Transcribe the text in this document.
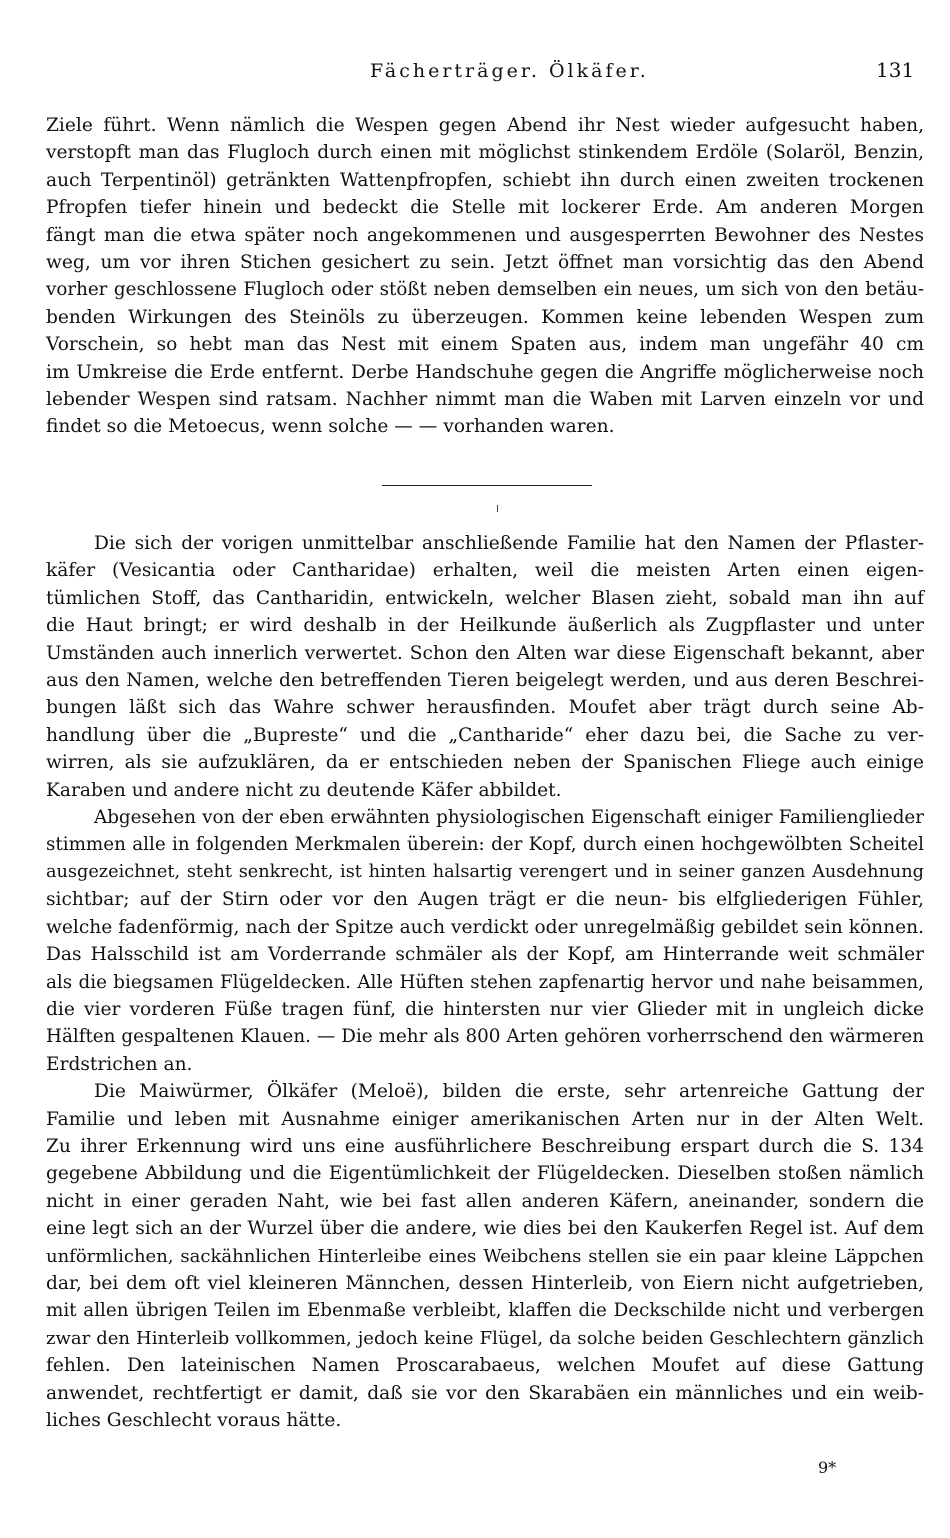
Fächerträger. Ölkäfer.	131
Ziele führt. Wenn nämlich die Wespen gegen Abend ihr Nest wieder aufgesucht haben,
verstopft man das Flugloch durch einen mit möglichst stinkendem Erdöle (Solaröl, Benzin,
auch Terpentinöl) getränkten Wattenpfropfen, schiebt ihn durch einen zweiten trockenen
Pfropfen tiefer hinein und bedeckt die Stelle mit lockerer Erde. Am anderen Morgen
fängt man die etwa später noch angekommenen und ausgesperrten Bewohner des Nestes
weg, um vor ihren Stichen gesichert zu sein. Jetzt öffnet man vorsichtig das den Abend
vorher geschlossene Flugloch oder stößt neben demselben ein neues, um sich von den betäu-
benden Wirkungen des Steinöls zu überzeugen. Kommen keine lebenden Wespen zum
Vorschein, so hebt man das Nest mit einem Spaten aus, indem man ungefähr 40 cm
im Umkreise die Erde entfernt. Derbe Handschuhe gegen die Angriffe möglicherweise noch
lebender Wespen sind ratsam. Nachher nimmt man die Waben mit Larven einzeln vor und
findet so die Metoecus, wenn solche — — vorhanden waren.
Die sich der vorigen unmittelbar anschließende Familie hat den Namen der Pflaster-
käfer (Vesicantia oder Cantharidae) erhalten, weil die meisten Arten einen eigen-
tümlichen Stoff, das Cantharidin, entwickeln, welcher Blasen zieht, sobald man ihn auf
die Haut bringt; er wird deshalb in der Heilkunde äußerlich als Zugpflaster und unter
Umständen auch innerlich verwertet. Schon den Alten war diese Eigenschaft bekannt, aber
aus den Namen, welche den betreffenden Tieren beigelegt werden, und aus deren Beschrei-
bungen läßt sich das Wahre schwer herausfinden. Moufet aber trägt durch seine Ab-
handlung über die „Bupreste“ und die „Cantharide“ eher dazu bei, die Sache zu ver-
wirren, als sie aufzuklären, da er entschieden neben der Spanischen Fliege auch einige
Karaben und andere nicht zu deutende Käfer abbildet.
Abgesehen von der eben erwähnten physiologischen Eigenschaft einiger Familienglieder
stimmen alle in folgenden Merkmalen überein: der Kopf, durch einen hochgewölbten Scheitel
ausgezeichnet, steht senkrecht, ist hinten halsartig verengert und in seiner ganzen Ausdehnung
sichtbar; auf der Stirn oder vor den Augen trägt er die neun- bis elfgliederigen Fühler,
welche fadenförmig, nach der Spitze auch verdickt oder unregelmäßig gebildet sein können.
Das Halsschild ist am Vorderrande schmäler als der Kopf, am Hinterrande weit schmäler
als die biegsamen Flügeldecken. Alle Hüften stehen zapfenartig hervor und nahe beisammen,
die vier vorderen Füße tragen fünf, die hintersten nur vier Glieder mit in ungleich dicke
Hälften gespaltenen Klauen. — Die mehr als 800 Arten gehören vorherrschend den wärmeren
Erdstrichen an.
Die Maiwürmer, Ölkäfer (Meloë), bilden die erste, sehr artenreiche Gattung der
Familie und leben mit Ausnahme einiger amerikanischen Arten nur in der Alten Welt.
Zu ihrer Erkennung wird uns eine ausführlichere Beschreibung erspart durch die S. 134
gegebene Abbildung und die Eigentümlichkeit der Flügeldecken. Dieselben stoßen nämlich
nicht in einer geraden Naht, wie bei fast allen anderen Käfern, aneinander, sondern die
eine legt sich an der Wurzel über die andere, wie dies bei den Kaukerfen Regel ist. Auf dem
unförmlichen, sackähnlichen Hinterleibe eines Weibchens stellen sie ein paar kleine Läppchen
dar, bei dem oft viel kleineren Männchen, dessen Hinterleib, von Eiern nicht aufgetrieben,
mit allen übrigen Teilen im Ebenmaße verbleibt, klaffen die Deckschilde nicht und verbergen
zwar den Hinterleib vollkommen, jedoch keine Flügel, da solche beiden Geschlechtern gänzlich
fehlen. Den lateinischen Namen Proscarabaeus, welchen Moufet auf diese Gattung
anwendet, rechtfertigt er damit, daß sie vor den Skarabäen ein männliches und ein weib-
liches Geschlecht voraus hätte.
9*
